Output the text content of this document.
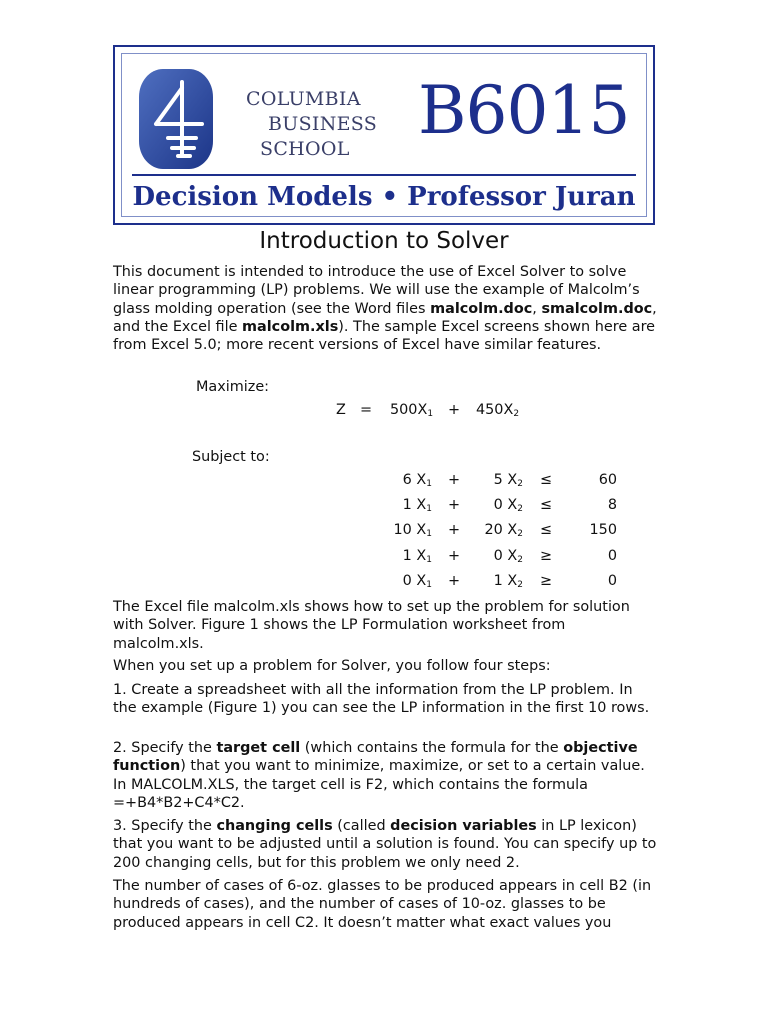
COLUMBIA
BUSINESS
SCHOOL B6015
Decision Models • Professor Juran
Introduction to Solver

This document is intended to introduce the use of Excel Solver to solve linear programming (LP) problems. We will use the example of Malcolm’s glass molding operation (see the Word files malcolm.doc, smalcolm.doc, and the Excel file malcolm.xls). The sample Excel screens shown here are from Excel 5.0; more recent versions of Excel have similar features.

Maximize:
$Z = 500X_1 + 450X_2$
Subject to:
6 $X_1 + 5$ $X_2$ ≤	60
1 $X_1 + 0$ $X_2$ ≤	8
10 $X_1 + 20$ $X_2$ ≤	150
1 $X_1 + 0$ $X_2$ ≥	0
0 $X_1 + 1$ $X_2$ ≥	0

The Excel file malcolm.xls shows how to set up the problem for solution with Solver. Figure 1 shows the LP Formulation worksheet from malcolm.xls.

When you set up a problem for Solver, you follow four steps:

1. Create a spreadsheet with all the information from the LP problem. In the example (Figure 1) you can see the LP information in the first 10 rows.

2. Specify the target cell (which contains the formula for the objective function) that you want to minimize, maximize, or set to a certain value. In MALCOLM.XLS, the target cell is F2, which contains the formula =+B4*B2+C4*C2.

3. Specify the changing cells (called decision variables in LP lexicon) that you want to be adjusted until a solution is found. You can specify up to 200 changing cells, but for this problem we only need 2.

The number of cases of 6-oz. glasses to be produced appears in cell B2 (in hundreds of cases), and the number of cases of 10-oz. glasses to be produced appears in cell C2. It doesn’t matter what exact values you
